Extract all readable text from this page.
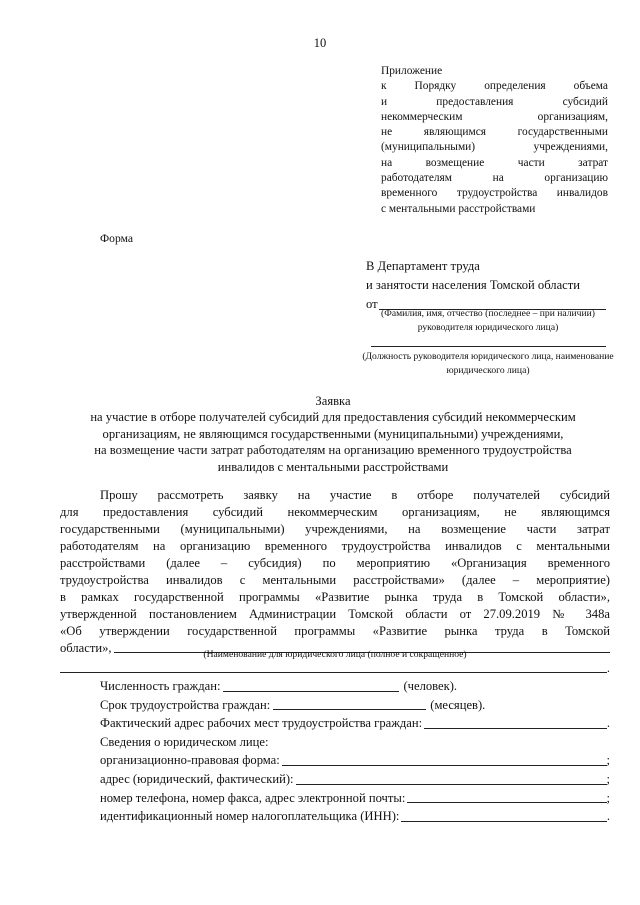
10
Приложение
к Порядку определения объема
и предоставления субсидий
некоммерческим организациям,
не являющимся государственными
(муниципальными) учреждениями,
на возмещение части затрат
работодателям на организацию
временного трудоустройства инвалидов
с ментальными расстройствами
Форма
В Департамент труда
и занятости населения Томской области
от
(Фамилия, имя, отчество (последнее – при наличии) руководителя юридического лица)
(Должность руководителя юридического лица, наименование юридического лица)
Заявка
на участие в отборе получателей субсидий для предоставления субсидий некоммерческим
организациям, не являющимся государственными (муниципальными) учреждениями,
на возмещение части затрат работодателям на организацию временного трудоустройства
инвалидов с ментальными расстройствами
Прошу рассмотреть заявку на участие в отборе получателей субсидий
для предоставления субсидий некоммерческим организациям, не являющимся
государственными (муниципальными) учреждениями, на возмещение части затрат
работодателям на организацию временного трудоустройства инвалидов с ментальными
расстройствами (далее – субсидия) по мероприятию «Организация временного
трудоустройства инвалидов с ментальными расстройствами» (далее – мероприятие)
в рамках государственной программы «Развитие рынка труда в Томской области»,
утвержденной постановлением Администрации Томской области от 27.09.2019 № 348а
«Об утверждении государственной программы «Развитие рынка труда в Томской
области»,	(Наименование для юридического лица (полное и сокращенное)
.
Численность граждан:	(человек).
Срок трудоустройства граждан:	(месяцев).
Фактический адрес рабочих мест трудоустройства граждан:	.
Сведения о юридическом лице:
организационно-правовая форма:	;
адрес (юридический, фактический):	;
номер телефона, номер факса, адрес электронной почты:	;
идентификационный номер налогоплательщика (ИНН):	.
